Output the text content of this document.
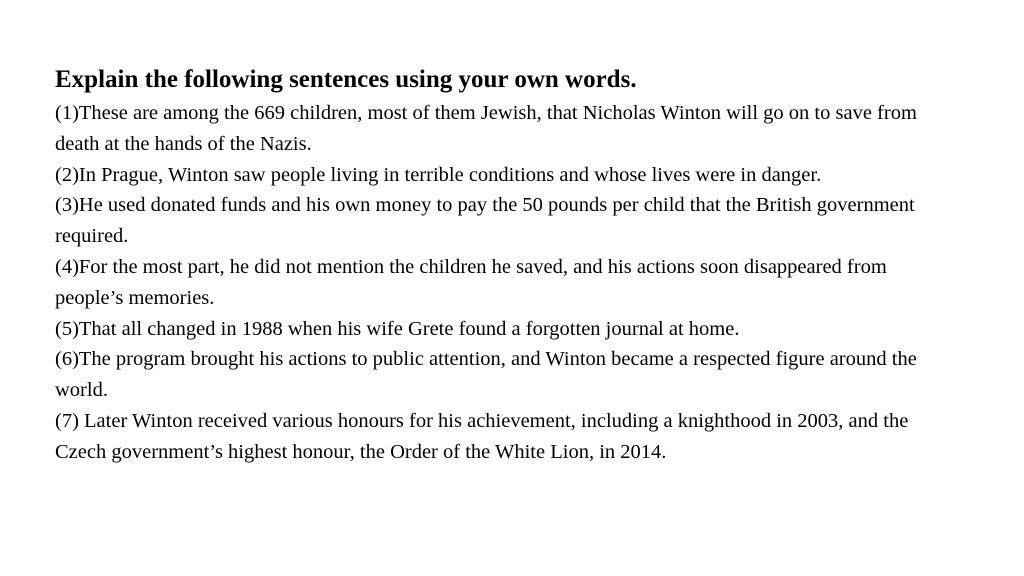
Explain the following sentences using your own words.

(1)These are among the 669 children, most of them Jewish, that Nicholas Winton will go on to save from death at the hands of the Nazis.

(2)In Prague, Winton saw people living in terrible conditions and whose lives were in danger.

(3)He used donated funds and his own money to pay the 50 pounds per child that the British government required.

(4)For the most part, he did not mention the children he saved, and his actions soon disappeared from people’s memories.

(5)That all changed in 1988 when his wife Grete found a forgotten journal at home.

(6)The program brought his actions to public attention, and Winton became a respected figure around the world.

(7) Later Winton received various honours for his achievement, including a knighthood in 2003, and the Czech government’s highest honour, the Order of the White Lion, in 2014.
